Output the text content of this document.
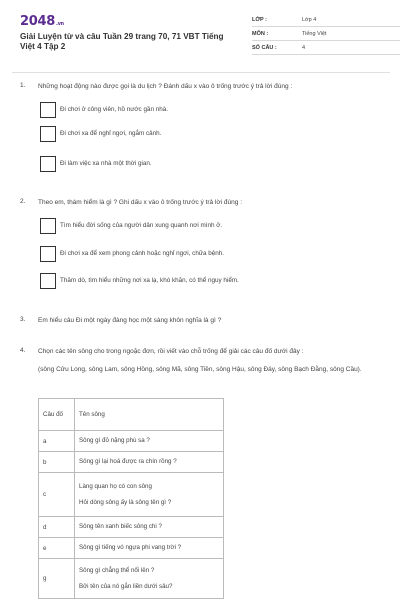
2048.vn
Giải Luyện từ và câu Tuần 29 trang 70, 71 VBT Tiếng Việt 4 Tập 2
LỚP :	Lớp 4
MÔN :	Tiếng Việt
SỐ CÂU :	4
1. Những hoạt động nào được gọi là du lịch ? Đánh dấu x vào ô trống trước ý trả lời đúng :
Đi chơi ở công viên, hồ nước gần nhà.
Đi chơi xa để nghỉ ngơi, ngắm cảnh.
Đi làm việc xa nhà một thời gian.
2. Theo em, thám hiểm là gì ? Ghi dấu x vào ô trống trước ý trả lời đúng :
Tìm hiểu đời sống của người dân xung quanh nơi mình ở.
Đi chơi xa để xem phong cảnh hoặc nghỉ ngơi, chữa bệnh.
Thăm dò, tìm hiểu những nơi xa lạ, khó khăn, có thể nguy hiểm.
3. Em hiểu câu Đi một ngày đàng học một sàng khôn nghĩa là gì ?
4. Chọn các tên sông cho trong ngoặc đơn, rồi viết vào chỗ trống để giải các câu đố dưới đây :
(sông Cửu Long, sông Lam, sông Hồng, sông Mã, sông Tiền, sông Hậu, sông Đáy, sông Bạch Đằng, sông Cầu).
Câu đố	Tên sông
a	Sông gì đỏ nặng phù sa ?

b	Sông gì lại hoá được ra chín rồng ?

c	Làng quan họ có con sông
Hỏi dòng sông ấy là sông tên gì ?

d	Sông tên xanh biếc sông chi ?

e	Sông gì tiếng vó ngựa phi vang trời ?

g	Sông gì chẳng thể nổi lên ?
Bởi tên của nó gắn liền dưới sâu?
